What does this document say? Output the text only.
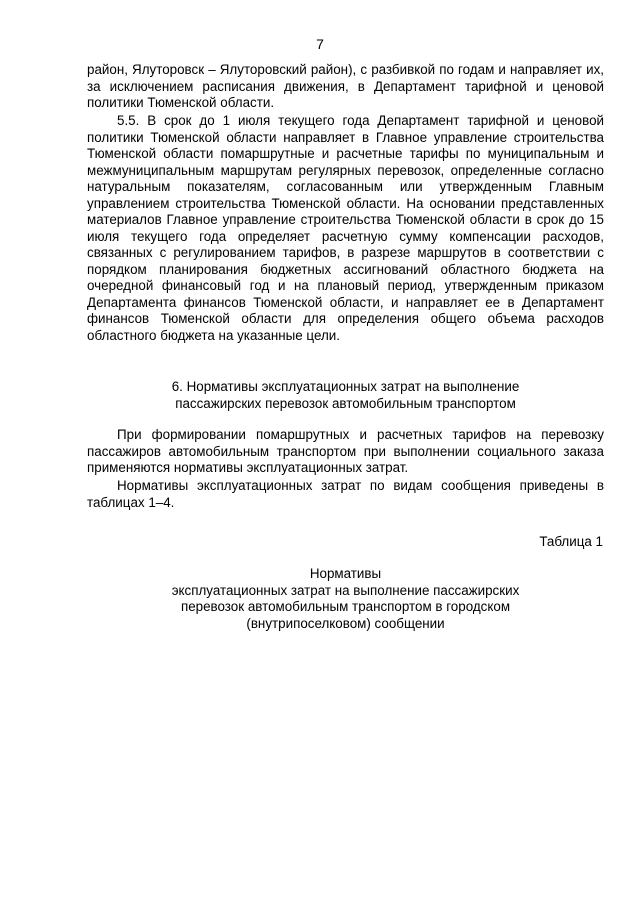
7

район, Ялуторовск – Ялуторовский район), с разбивкой по годам и направляет их, за исключением расписания движения, в Департамент тарифной и ценовой политики Тюменской области.

5.5. В срок до 1 июля текущего года Департамент тарифной и ценовой политики Тюменской области направляет в Главное управление строительства Тюменской области помаршрутные и расчетные тарифы по муниципальным и межмуниципальным маршрутам регулярных перевозок, определенные согласно натуральным показателям, согласованным или утвержденным Главным управлением строительства Тюменской области. На основании представленных материалов Главное управление строительства Тюменской области в срок до 15 июля текущего года определяет расчетную сумму компенсации расходов, связанных с регулированием тарифов, в разрезе маршрутов в соответствии с порядком планирования бюджетных ассигнований областного бюджета на очередной финансовый год и на плановый период, утвержденным приказом Департамента финансов Тюменской области, и направляет ее в Департамент финансов Тюменской области для определения общего объема расходов областного бюджета на указанные цели.

6. Нормативы эксплуатационных затрат на выполнение
пассажирских перевозок автомобильным транспортом

При формировании помаршрутных и расчетных тарифов на перевозку пассажиров автомобильным транспортом при выполнении социального заказа применяются нормативы эксплуатационных затрат.

Нормативы эксплуатационных затрат по видам сообщения приведены в таблицах 1–4.

Таблица 1
Нормативы
эксплуатационных затрат на выполнение пассажирских
перевозок автомобильным транспортом в городском
(внутрипоселковом) сообщении
